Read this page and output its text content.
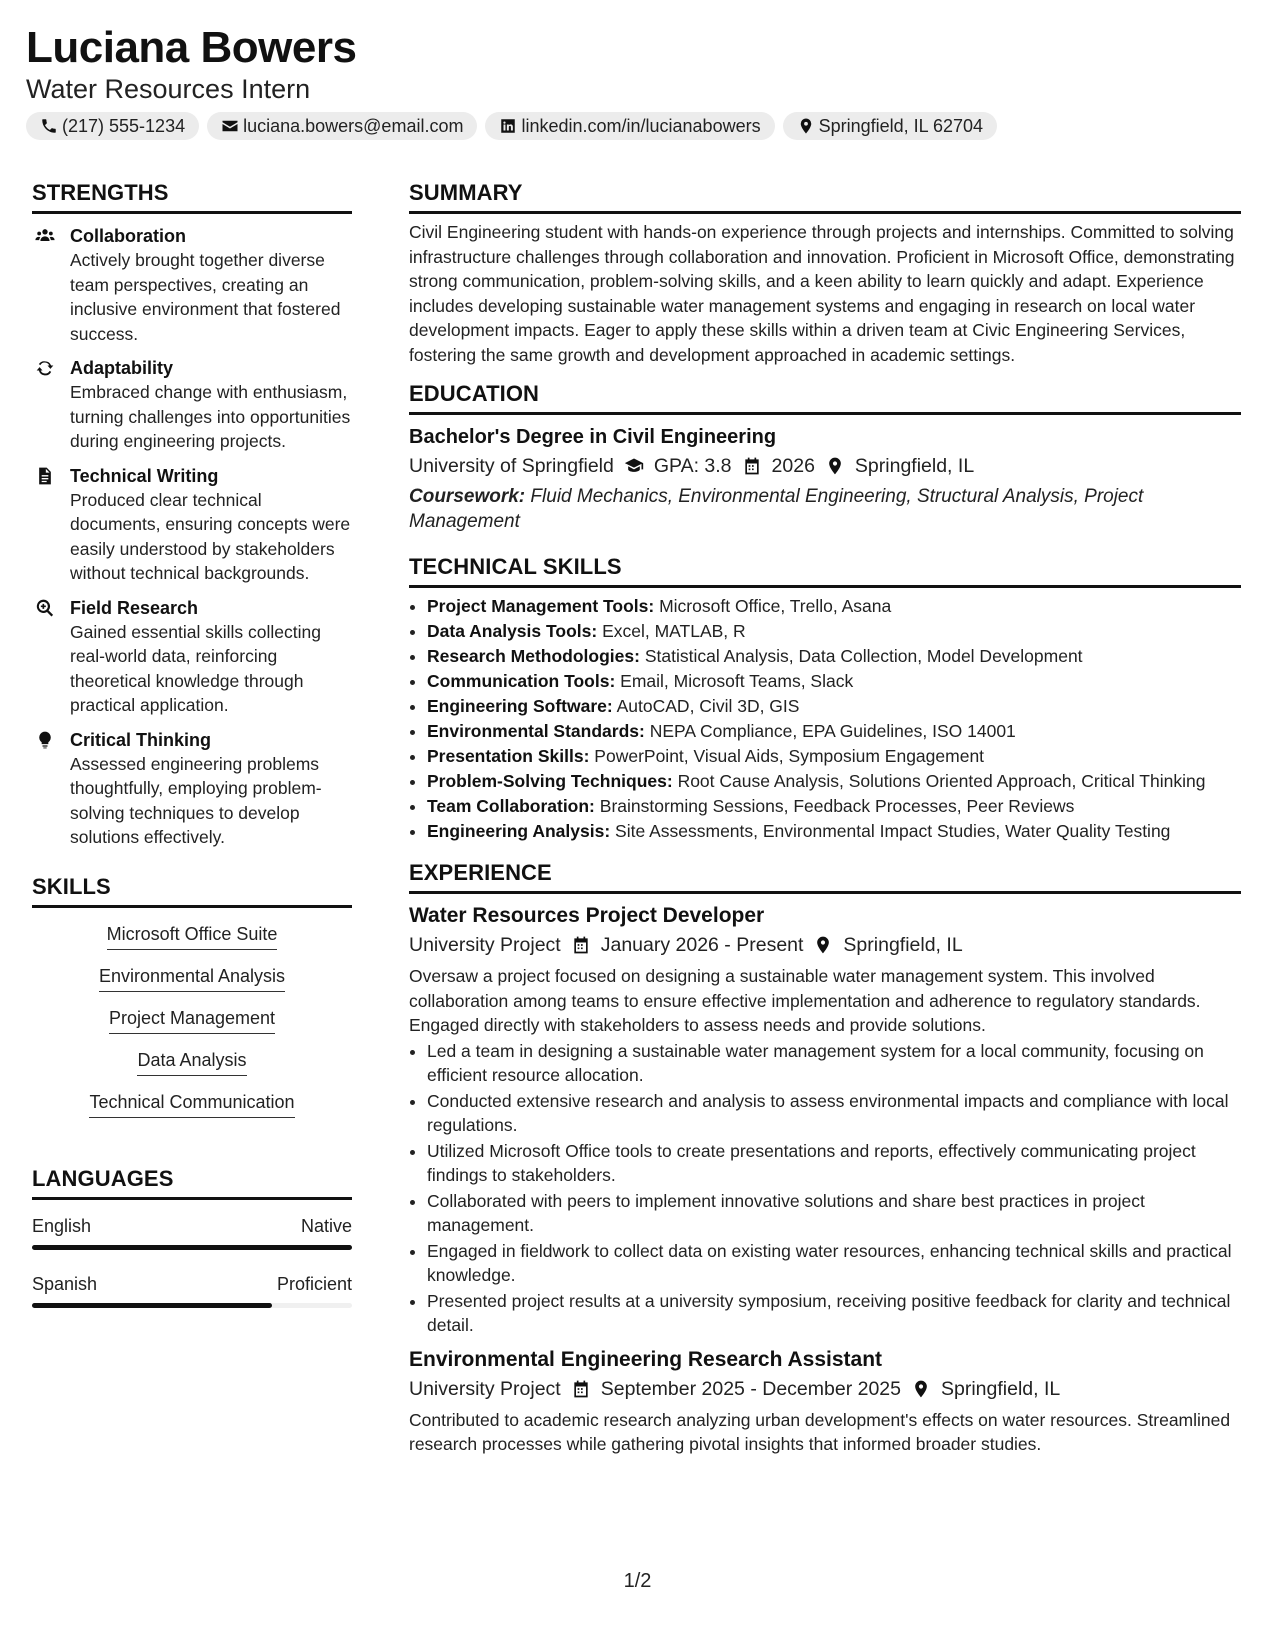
Luciana Bowers
Water Resources Intern
(217) 555-1234	luciana.bowers@email.com	linkedin.com/in/lucianabowers	Springfield, IL 62704
STRENGTHS
Collaboration

Actively brought together diverse team perspectives, creating an inclusive environment that fostered success.

Adaptability

Embraced change with enthusiasm, turning challenges into opportunities during engineering projects.

Technical Writing

Produced clear technical documents, ensuring concepts were easily understood by stakeholders without technical backgrounds.

Field Research

Gained essential skills collecting real-world data, reinforcing theoretical knowledge through practical application.

Critical Thinking

Assessed engineering problems thoughtfully, employing problem-solving techniques to develop solutions effectively.

SKILLS
Microsoft Office Suite
Environmental Analysis
Project Management
Data Analysis
Technical Communication
LANGUAGES
English	Native
Spanish	Proficient
SUMMARY

Civil Engineering student with hands-on experience through projects and internships. Committed to solving infrastructure challenges through collaboration and innovation. Proficient in Microsoft Office, demonstrating strong communication, problem-solving skills, and a keen ability to learn quickly and adapt. Experience includes developing sustainable water management systems and engaging in research on local water development impacts. Eager to apply these skills within a driven team at Civic Engineering Services, fostering the same growth and development approached in academic settings.

EDUCATION
Bachelor's Degree in Civil Engineering
University of Springfield GPA: 3.8 2026 Springfield, IL
Coursework: Fluid Mechanics, Environmental Engineering, Structural Analysis, Project Management
TECHNICAL SKILLS
• Project Management Tools: Microsoft Office, Trello, Asana
• Data Analysis Tools: Excel, MATLAB, R
• Research Methodologies: Statistical Analysis, Data Collection, Model Development
• Communication Tools: Email, Microsoft Teams, Slack
• Engineering Software: AutoCAD, Civil 3D, GIS
• Environmental Standards: NEPA Compliance, EPA Guidelines, ISO 14001
• Presentation Skills: PowerPoint, Visual Aids, Symposium Engagement
• Problem-Solving Techniques: Root Cause Analysis, Solutions Oriented Approach, Critical Thinking
• Team Collaboration: Brainstorming Sessions, Feedback Processes, Peer Reviews
• Engineering Analysis: Site Assessments, Environmental Impact Studies, Water Quality Testing
EXPERIENCE
Water Resources Project Developer
University Project January 2026 - Present Springfield, IL

Oversaw a project focused on designing a sustainable water management system. This involved collaboration among teams to ensure effective implementation and adherence to regulatory standards. Engaged directly with stakeholders to assess needs and provide solutions.

• Led a team in designing a sustainable water management system for a local community, focusing on efficient resource allocation.
• Conducted extensive research and analysis to assess environmental impacts and compliance with local regulations.
• Utilized Microsoft Office tools to create presentations and reports, effectively communicating project findings to stakeholders.
• Collaborated with peers to implement innovative solutions and share best practices in project management.
• Engaged in fieldwork to collect data on existing water resources, enhancing technical skills and practical knowledge.
• Presented project results at a university symposium, receiving positive feedback for clarity and technical detail.
Environmental Engineering Research Assistant
University Project September 2025 - December 2025 Springfield, IL

Contributed to academic research analyzing urban development's effects on water resources. Streamlined research processes while gathering pivotal insights that informed broader studies.

1/2
